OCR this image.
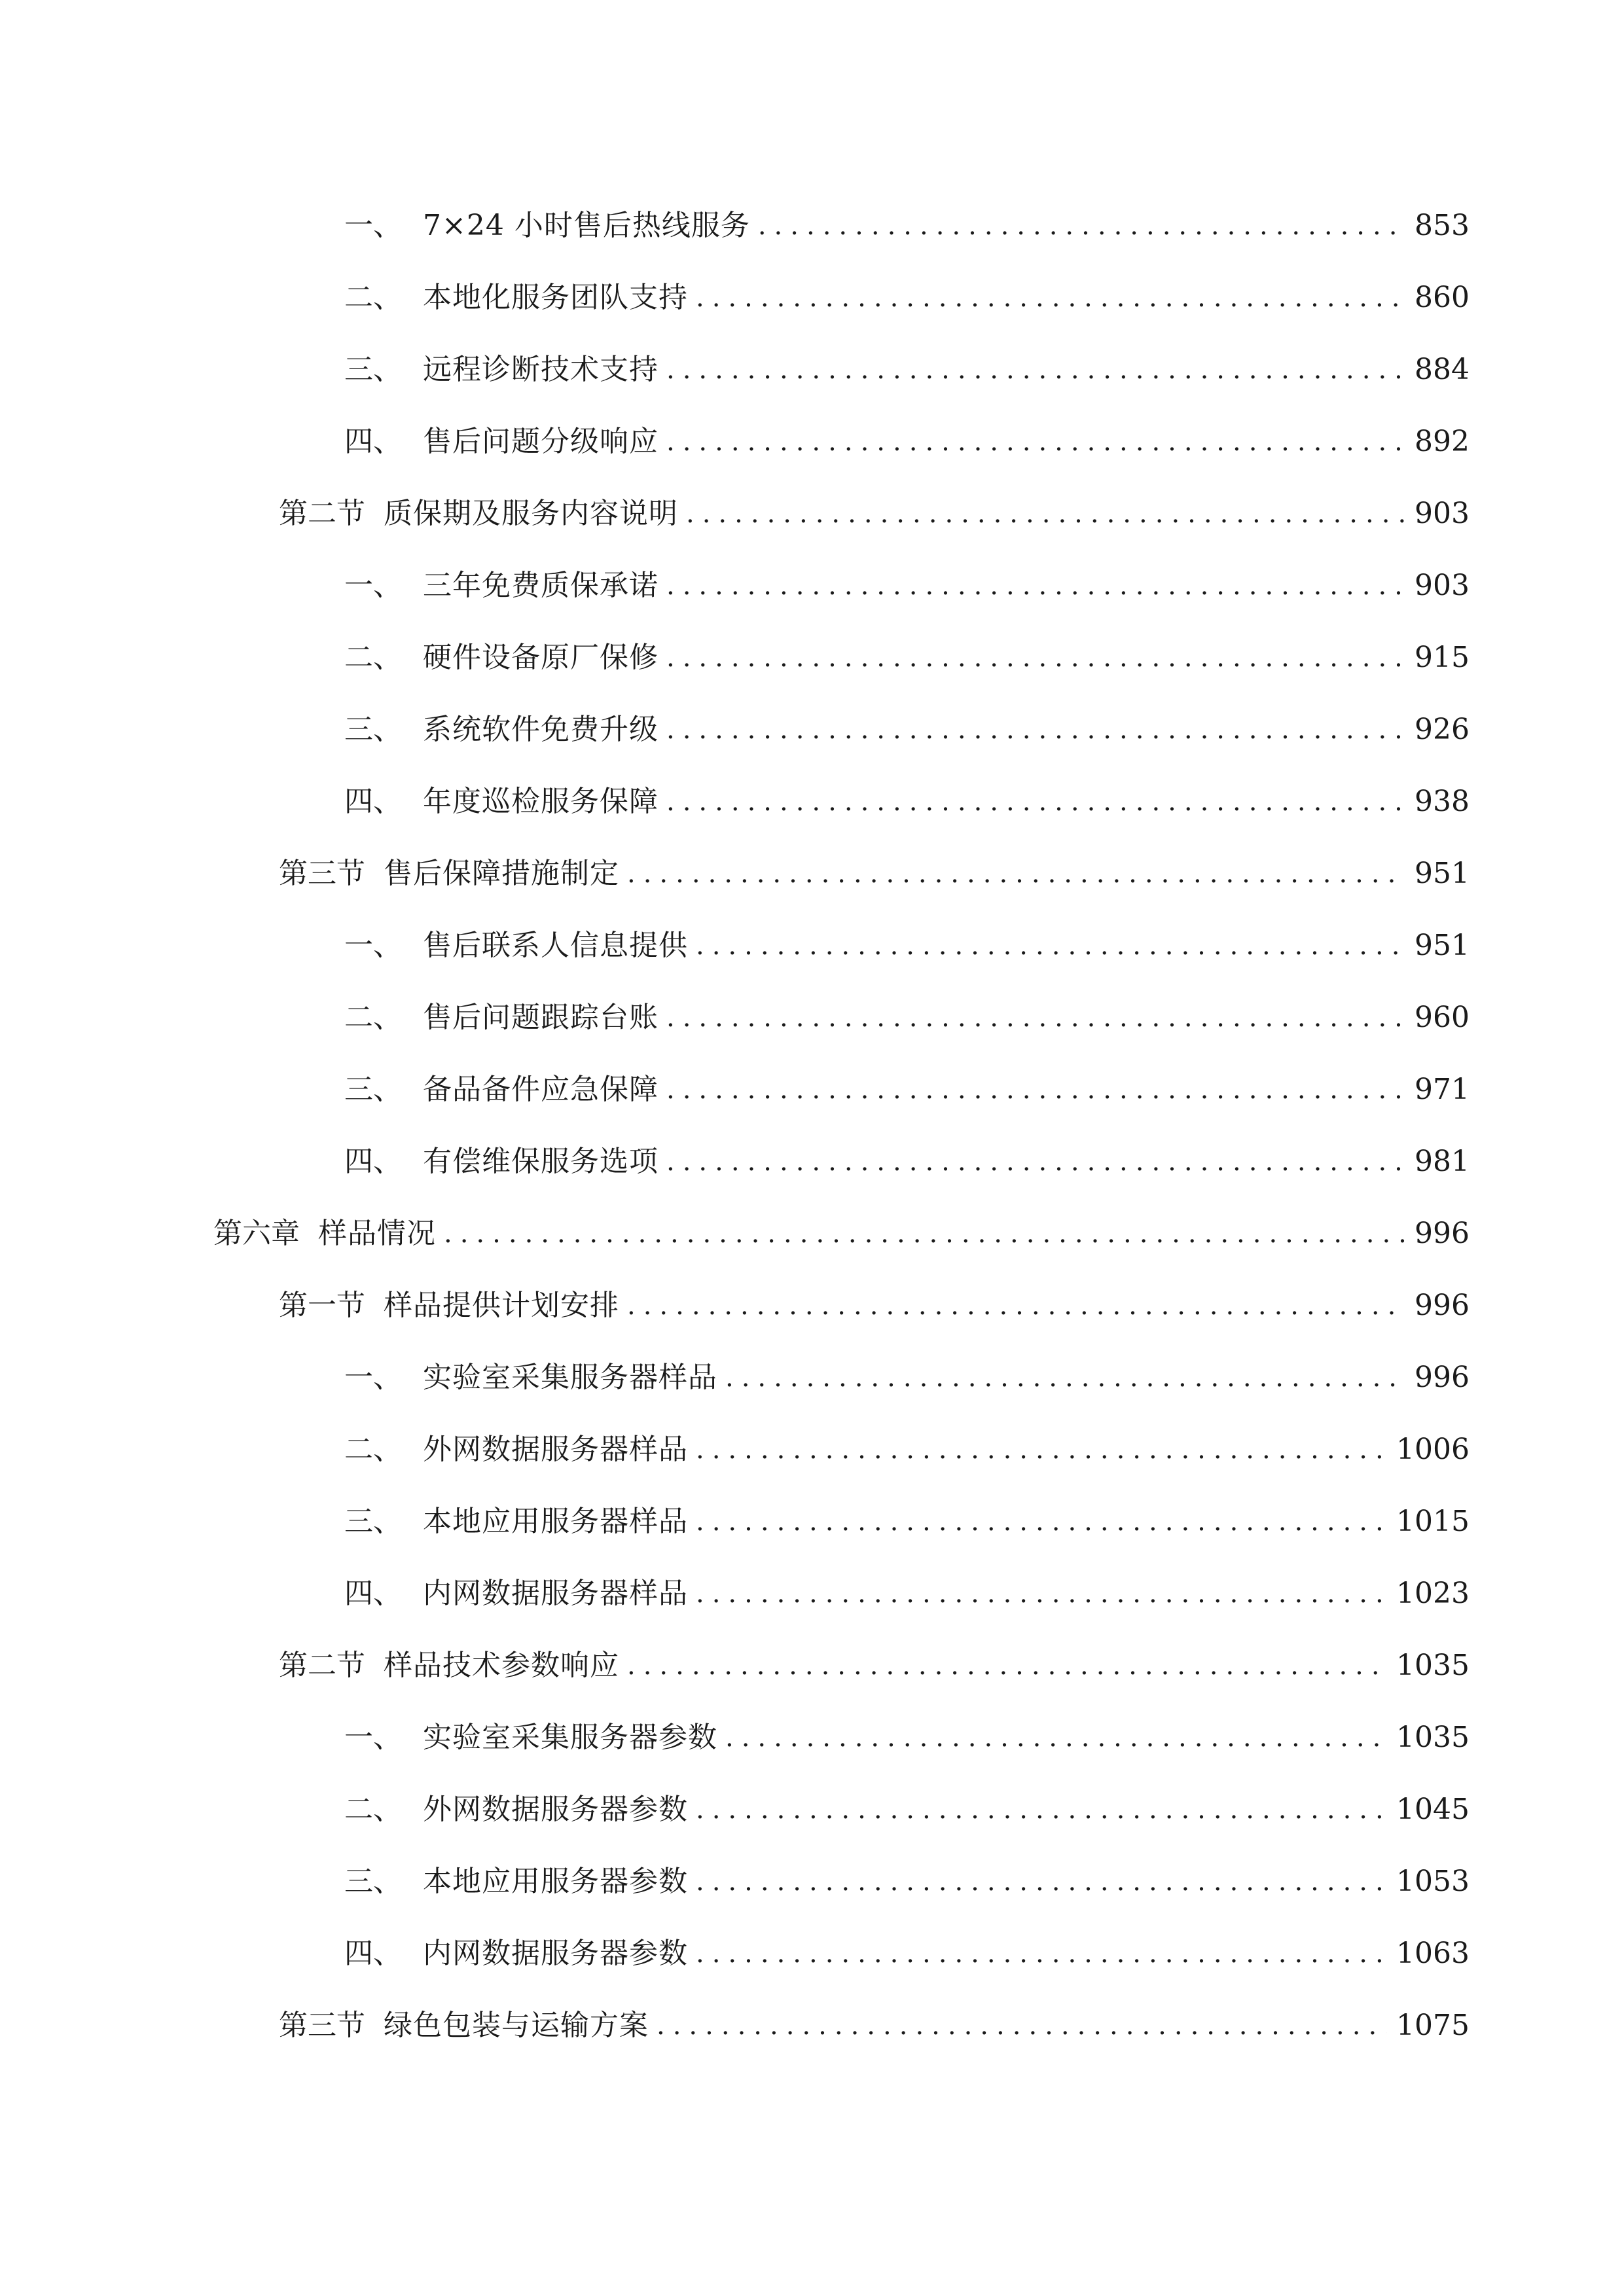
一、 7×24 小时售后热线服务 .....	853
二、 本地化服务团队支持 .....	860
三、 远程诊断技术支持 .....	884
四、 售后问题分级响应 .....	892
第二节 质保期及服务内容说明 .....	903
一、 三年免费质保承诺 .....	903
二、 硬件设备原厂保修 .....	915
三、 系统软件免费升级 .....	926
四、 年度巡检服务保障 .....	938
第三节 售后保障措施制定 .....	951
一、 售后联系人信息提供 .....	951
二、 售后问题跟踪台账 .....	960
三、 备品备件应急保障 .....	971
四、 有偿维保服务选项 .....	981
第六章 样品情况 .....	996
第一节 样品提供计划安排 .....	996
一、 实验室采集服务器样品 .....	996
二、 外网数据服务器样品 .....	1006
三、 本地应用服务器样品 .....	1015
四、 内网数据服务器样品 .....	1023
第二节 样品技术参数响应 .....	1035
一、 实验室采集服务器参数 .....	1035
二、 外网数据服务器参数 .....	1045
三、 本地应用服务器参数 .....	1053
四、 内网数据服务器参数 .....	1063
第三节 绿色包装与运输方案 .....	1075
